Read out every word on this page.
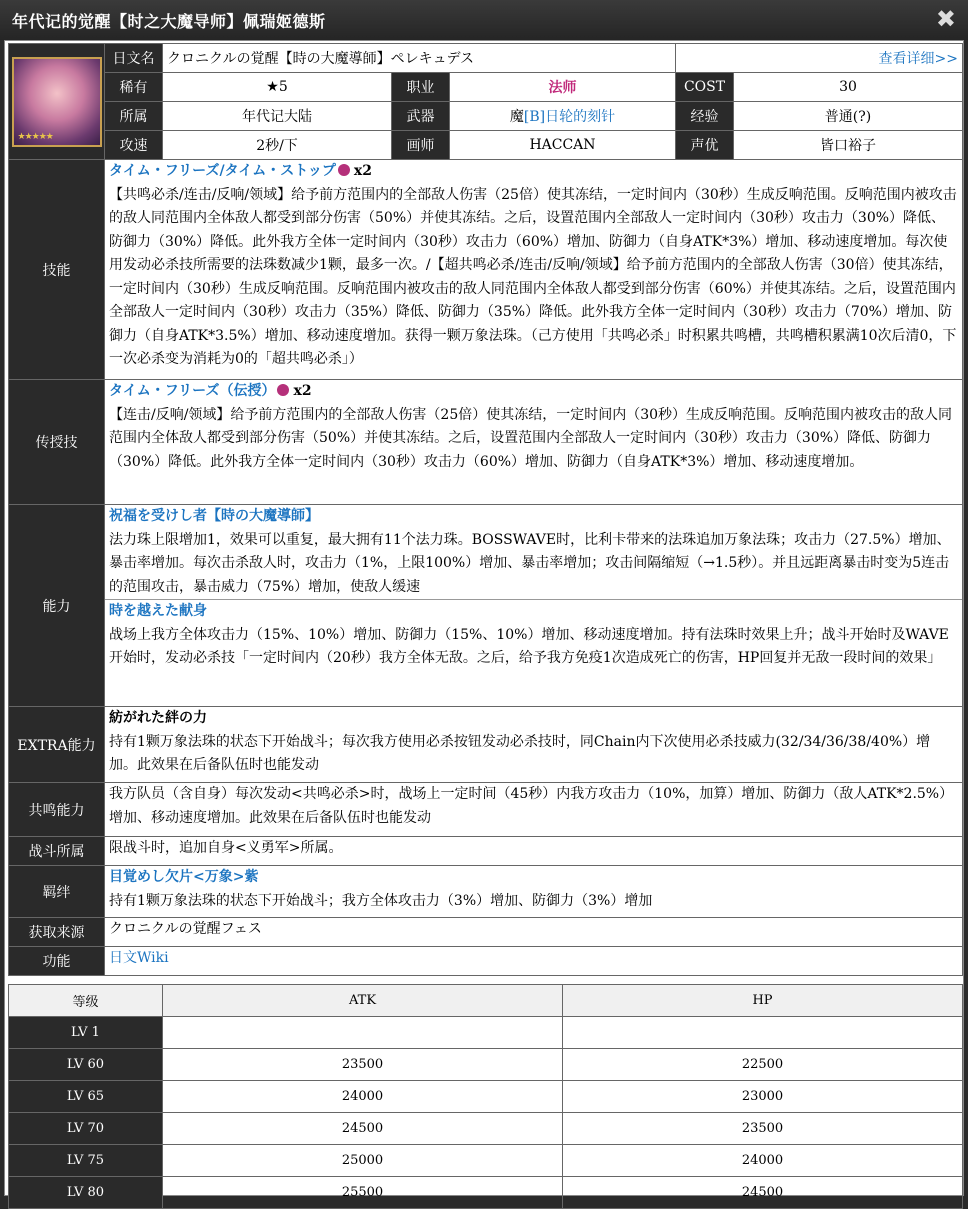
年代记的觉醒【时之大魔导师】佩瑞姬德斯	✖
★★★★★	日文名	クロニクルの覚醒【時の大魔導師】ペレキュデス			查看详细>>	
	稀有	★5	职业	法师	COST	30
	所属	年代记大陆	武器	魔[B]日轮的刻针	经验	普通(?)
	攻速	2秒/下	画师	HACCAN	声优	皆口裕子
技能	タイム・フリーズ/タイム・ストップ x2
【共鸣必杀/连击/反响/领域】给予前方范围内的全部敌人伤害（25倍）使其冻结，一定时间内（30秒）生成反响范围。反响范围内被攻击的敌人同范围内全体敌人都受到部分伤害（50%）并使其冻结。之后，设置范围内全部敌人一定时间内（30秒）攻击力（30%）降低、防御力（30%）降低。此外我方全体一定时间内（30秒）攻击力（60%）增加、防御力（自身ATK*3%）增加、移动速度增加。每次使用发动必杀技所需要的法珠数减少1颗，最多一次。/【超共鸣必杀/连击/反响/领域】给予前方范围内的全部敌人伤害（30倍）使其冻结，一定时间内（30秒）生成反响范围。反响范围内被攻击的敌人同范围内全体敌人都受到部分伤害（60%）并使其冻结。之后，设置范围内全部敌人一定时间内（30秒）攻击力（35%）降低、防御力（35%）降低。此外我方全体一定时间内（30秒）攻击力（70%）增加、防御力（自身ATK*3.5%）增加、移动速度增加。获得一颗万象法珠。（己方使用「共鸣必杀」时积累共鸣槽，共鸣槽积累满10次后清0，下一次必杀变为消耗为0的「超共鸣必杀」）					
传授技	タイム・フリーズ（伝授） x2
【连击/反响/领域】给予前方范围内的全部敌人伤害（25倍）使其冻结，一定时间内（30秒）生成反响范围。反响范围内被攻击的敌人同范围内全体敌人都受到部分伤害（50%）并使其冻结。之后，设置范围内全部敌人一定时间内（30秒）攻击力（30%）降低、防御力（30%）降低。此外我方全体一定时间内（30秒）攻击力（60%）增加、防御力（自身ATK*3%）增加、移动速度增加。					
能力	祝福を受けし者【時の大魔導師】
法力珠上限增加1，效果可以重复，最大拥有11个法力珠。BOSSWAVE时，比利卡带来的法珠追加万象法珠；攻击力（27.5%）增加、暴击率增加。每次击杀敌人时，攻击力（1%，上限100%）增加、暴击率增加；攻击间隔缩短（→1.5秒）。并且远距离暴击时变为5连击的范围攻击，暴击威力（75%）增加，使敌人缓速
時を越えた献身
战场上我方全体攻击力（15%、10%）增加、防御力（15%、10%）增加、移动速度增加。持有法珠时效果上升；战斗开始时及WAVE开始时，发动必杀技「一定时间内（20秒）我方全体无敌。之后，给予我方免疫1次造成死亡的伤害，HP回复并无敌一段时间的效果」					

EXTRA能力	紡がれた絆の力
持有1颗万象法珠的状态下开始战斗；每次我方使用必杀按钮发动必杀技时，同Chain内下次使用必杀技威力(32/34/36/38/40%）增加。此效果在后备队伍时也能发动					
共鸣能力	我方队员（含自身）每次发动<共鸣必杀>时，战场上一定时间（45秒）内我方攻击力（10%，加算）增加、防御力（敌人ATK*2.5%）增加、移动速度增加。此效果在后备队伍时也能发动					
战斗所属	限战斗时，追加自身<义勇军>所属。					
羁绊	目覚めし欠片<万象>紫
持有1颗万象法珠的状态下开始战斗；我方全体攻击力（3%）增加、防御力（3%）增加					
获取来源	クロニクルの覚醒フェス					
功能	日文Wiki					
等级	ATK	HP
LV 1		
LV 60	23500	22500
LV 65	24000	23000
LV 70	24500	23500
LV 75	25000	24000
LV 80	25500	24500
